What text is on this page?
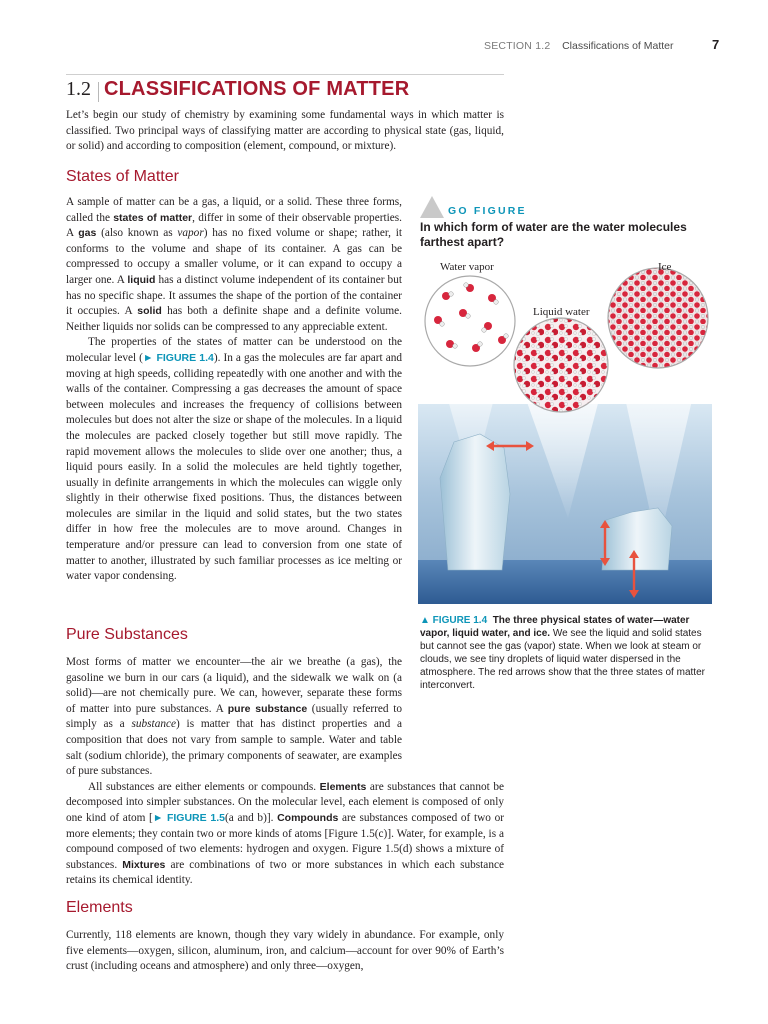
SECTION 1.2 Classifications of Matter	7
1.2 CLASSIFICATIONS OF MATTER

Let’s begin our study of chemistry by examining some fundamental ways in which matter is classified. Two principal ways of classifying matter are according to physical state (gas, liquid, or solid) and according to composition (element, compound, or mixture).

States of Matter

A sample of matter can be a gas, a liquid, or a solid. These three forms, called the states of matter, differ in some of their observable properties. A gas (also known as vapor) has no fixed volume or shape; rather, it conforms to the volume and shape of its container. A gas can be compressed to occupy a smaller volume, or it can expand to occupy a larger one. A liquid has a distinct volume independent of its container but has no specific shape. It assumes the shape of the portion of the container it occupies. A solid has both a definite shape and a definite volume. Neither liquids nor solids can be compressed to any appreciable extent.

The properties of the states of matter can be understood on the molecular level (► FIGURE 1.4). In a gas the molecules are far apart and moving at high speeds, colliding repeatedly with one another and with the walls of the container. Compressing a gas decreases the amount of space between molecules and increases the frequency of collisions between molecules but does not alter the size or shape of the molecules. In a liquid the molecules are packed closely together but still move rapidly. The rapid movement allows the molecules to slide over one another; thus, a liquid pours easily. In a solid the molecules are held tightly together, usually in definite arrangements in which the molecules can wiggle only slightly in their otherwise fixed positions. Thus, the distances between molecules are similar in the liquid and solid states, but the two states differ in how free the molecules are to move around. Changes in temperature and/or pressure can lead to conversion from one state of matter to another, illustrated by such familiar processes as ice melting or water vapor condensing.

GO FIGURE
In which form of water are the water molecules farthest apart?
Water vapor	Ice
Liquid water
▲ FIGURE 1.4 The three physical states of water—water vapor, liquid water, and ice. We see the liquid and solid states but cannot see the gas (vapor) state. When we look at steam or clouds, we see tiny droplets of liquid water dispersed in the atmosphere. The red arrows show that the three states of matter interconvert.
Pure Substances

Most forms of matter we encounter—the air we breathe (a gas), the gasoline we burn in our cars (a liquid), and the sidewalk we walk on (a solid)—are not chemically pure. We can, however, separate these forms of matter into pure substances. A pure substance (usually referred to simply as a substance) is matter that has distinct properties and a composition that does not vary from sample to sample. Water and table salt (sodium chloride), the primary components of seawater, are examples of pure substances.

All substances are either elements or compounds. Elements are substances that cannot be decomposed into simpler substances. On the molecular level, each element is composed of only one kind of atom [► FIGURE 1.5(a and b)]. Compounds are substances composed of two or more elements; they contain two or more kinds of atoms [Figure 1.5(c)]. Water, for example, is a compound composed of two elements: hydrogen and oxygen. Figure 1.5(d) shows a mixture of substances. Mixtures are combinations of two or more substances in which each substance retains its chemical identity.

Elements

Currently, 118 elements are known, though they vary widely in abundance. For example, only five elements—oxygen, silicon, aluminum, iron, and calcium—account for over 90% of Earth’s crust (including oceans and atmosphere) and only three—oxygen,
